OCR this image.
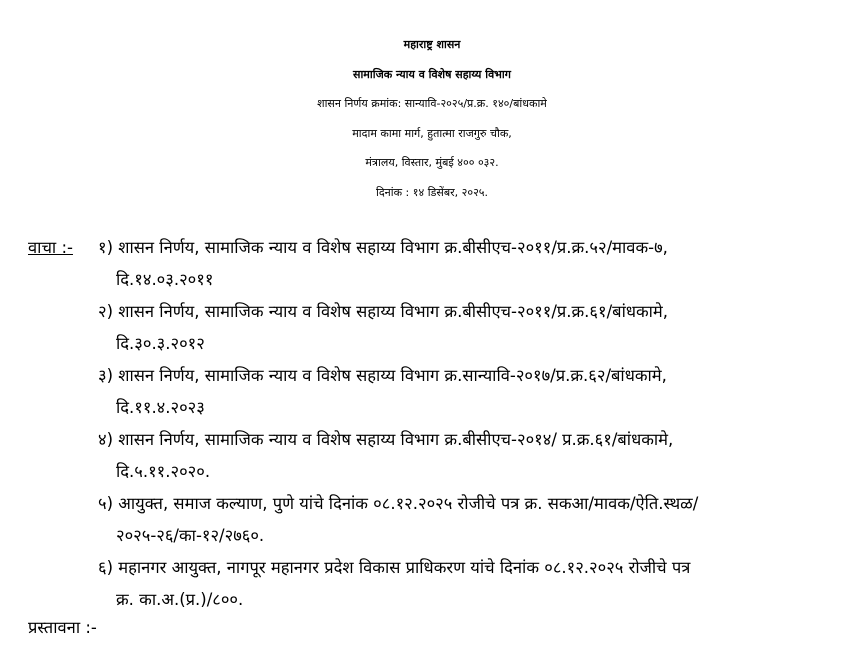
महाराष्ट्र शासन
सामाजिक न्याय व विशेष सहाय्य विभाग
शासन निर्णय क्रमांक: सान्यावि-२०२५/प्र.क्र. १४०/बांधकामे
मादाम कामा मार्ग, हुतात्मा राजगुरु चौक,
मंत्रालय, विस्तार, मुंबई ४०० ०३२.
दिनांक : १४ डिसेंबर, २०२५.
वाचा :- १) शासन निर्णय, सामाजिक न्याय व विशेष सहाय्य विभाग क्र.बीसीएच-२०११/प्र.क्र.५२/मावक-७,
दि.१४.०३.२०११
२) शासन निर्णय, सामाजिक न्याय व विशेष सहाय्य विभाग क्र.बीसीएच-२०११/प्र.क्र.६१/बांधकामे,
दि.३०.३.२०१२
३) शासन निर्णय, सामाजिक न्याय व विशेष सहाय्य विभाग क्र.सान्यावि-२०१७/प्र.क्र.६२/बांधकामे,
दि.११.४.२०२३
४) शासन निर्णय, सामाजिक न्याय व विशेष सहाय्य विभाग क्र.बीसीएच-२०१४/ प्र.क्र.६१/बांधकामे,
दि.५.११.२०२०.
५) आयुक्त, समाज कल्याण, पुणे यांचे दिनांक ०८.१२.२०२५ रोजीचे पत्र क्र. सकआ/मावक/ऐति.स्थळ/
२०२५-२६/का-१२/२७६०.
६) महानगर आयुक्त, नागपूर महानगर प्रदेश विकास प्राधिकरण यांचे दिनांक ०८.१२.२०२५ रोजीचे पत्र
क्र. का.अ.(प्र.)/८००.
प्रस्तावना :-
